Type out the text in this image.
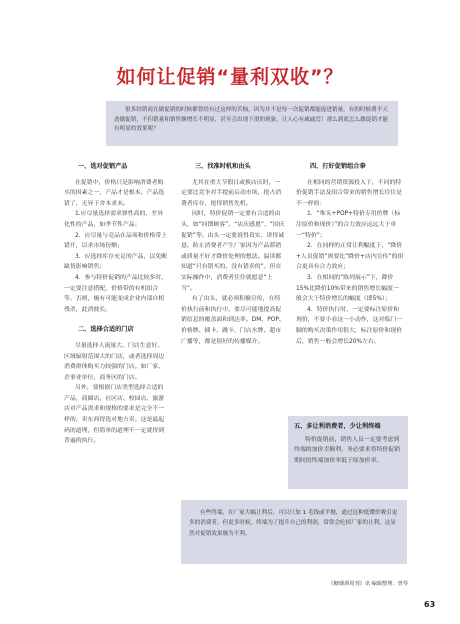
如何让促销“量利双收”？
很多经销商在做促销的时候都曾经有过这样的苦恼，因为并不是每一次促销都能促进销量，有的时候费半天劲做促销，不但销量和销售额增长不明显，甚至会出现下滑的现象，让人心有戚戚焉！那么到底怎么做促销才能有明显的效果呢？
一、选对促销产品

在促销中，价格只是影响消费者购买的因素之一，产品才是根本。产品选错了，无异于舍本求末。

1.应尽量选择需求弹性高的、差异化性的产品，如季节性产品；

2．应尽量与竞品在品项和价格带上错开，以求市场份额；

3．应选择库存充足的产品，以免断缺货影响销售；

4．参与特价促销的产品比较多时，一定要注意搭配，价格带的有机组合等。否则，极有可能变成企业内部自相残杀，此消彼长。

二、选择合适的门店

尽量选择人流量大、门店生意好、区域辐射范围大的门店，或者选择周边消费群体购买力较强的门店。如厂家、企事业单位、商务区的门店。

另外，要根据门店类型选择合适的产品，商圈店、社区店、校园店、旅游店对产品需求和规格的要求是完全不一样的，卖东西得选对地方卖。这是最起码的道理，但简单的道理不一定就得到普遍的执行。

三、找准时机和由头

尤其在重大节假日或换店庆时，一定要比竞争对手提前启动市场，抢占消费者库存，抢得销售先机。

同时，特价促销一定要有合适的由头，如“回馈顾客”、“店庆感恩”、“国庆促销”等。由头一定要说得真实、讲得诚恳，防止消费者产生厂家因为产品滞销或质量不好才降价处理的想法。温读都知道“只有错买的，没有错卖的”。但在实际操作中，消费者往往就愿意“上当”。

有了由头，就必须积极宣传，在特价执行前和执行中，要尽可能地提高促销信息的覆盖面和到达率。DM、POP、价格牌、插卡、跳卡、门店水牌、超市广播等，都是很好的传播媒介。

四、打好促销组合拳

在相同的营销资源投入下，不同的特价促销手法及组合带来的销售增长往往是不一样的：

1．“堆头+POP+特价专用价牌（标注原价和现价）”的合力效应远远大于单一“特价”；

2．在同样的正常让利幅度下，“降价+人员促销”则要比“降价+店内宣传”的组合更具有合力效应；

3．在相同的“陈列展示”下，降价15%比降价10%带来的销售增长幅度一般会大于特价增长的幅度（即5%）；

4．特价执行时，一定要标注原价和现价，不要小看这一小动作，这对临门一脚的购买决策作用很大，标注原价和现价后，销售一般会增长20%左右。

五、多让利消费者，少让利终端

特价促销前，销售人员一定要考虑到终端的加价幸顺利，务必要求将特价促销期间的终端加价率低于原加价率。

有些终端，在厂家大幅让利后，可以只加 1 毛钱或平抛，通过这种低懂价吸引更多的消费者。但更多时候，终端为了提升自己的利润，常常会吃掉厂家的让利，这显然对促销效果极为不利。
《糖烟酒周刊》讯 编辑整理：曾琴
63
